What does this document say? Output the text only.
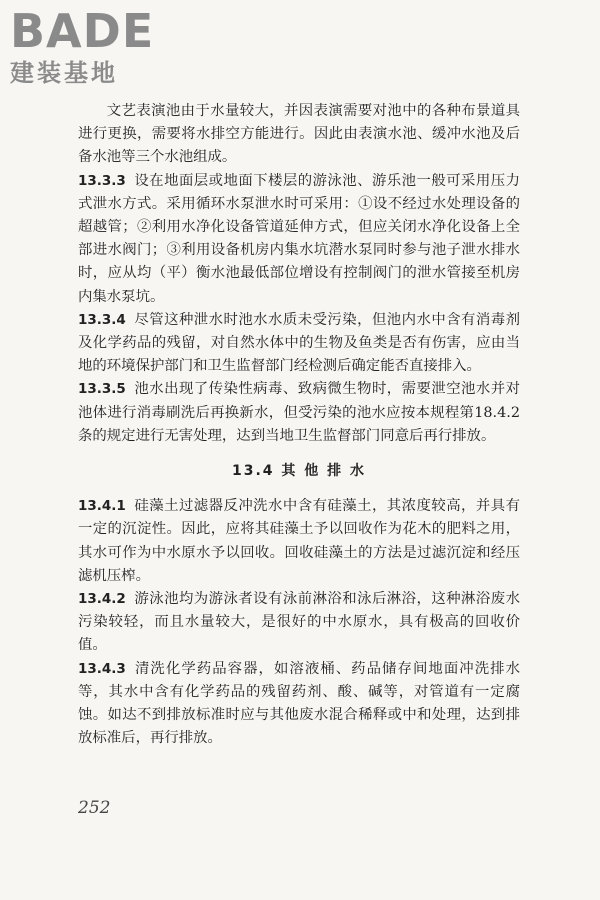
BADE
建装基地

文艺表演池由于水量较大，并因表演需要对池中的各种布景道具进行更换，需要将水排空方能进行。因此由表演水池、缓冲水池及后备水池等三个水池组成。

13.3.3 设在地面层或地面下楼层的游泳池、游乐池一般可采用压力式泄水方式。采用循环水泵泄水时可采用：①设不经过水处理设备的超越管；②利用水净化设备管道延伸方式，但应关闭水净化设备上全部进水阀门；③利用设备机房内集水坑潜水泵同时参与池子泄水排水时，应从均（平）衡水池最低部位增设有控制阀门的泄水管接至机房内集水泵坑。

13.3.4 尽管这种泄水时池水水质未受污染，但池内水中含有消毒剂及化学药品的残留，对自然水体中的生物及鱼类是否有伤害，应由当地的环境保护部门和卫生监督部门经检测后确定能否直接排入。

13.3.5 池水出现了传染性病毒、致病微生物时，需要泄空池水并对池体进行消毒刷洗后再换新水，但受污染的池水应按本规程第18.4.2条的规定进行无害处理，达到当地卫生监督部门同意后再行排放。

13.4 其 他 排 水

13.4.1 硅藻土过滤器反冲洗水中含有硅藻土，其浓度较高，并具有一定的沉淀性。因此，应将其硅藻土予以回收作为花木的肥料之用，其水可作为中水原水予以回收。回收硅藻土的方法是过滤沉淀和经压滤机压榨。

13.4.2 游泳池均为游泳者设有泳前淋浴和泳后淋浴，这种淋浴废水污染较轻，而且水量较大，是很好的中水原水，具有极高的回收价值。

13.4.3 清洗化学药品容器，如溶液桶、药品储存间地面冲洗排水等，其水中含有化学药品的残留药剂、酸、碱等，对管道有一定腐蚀。如达不到排放标准时应与其他废水混合稀释或中和处理，达到排放标准后，再行排放。

252
